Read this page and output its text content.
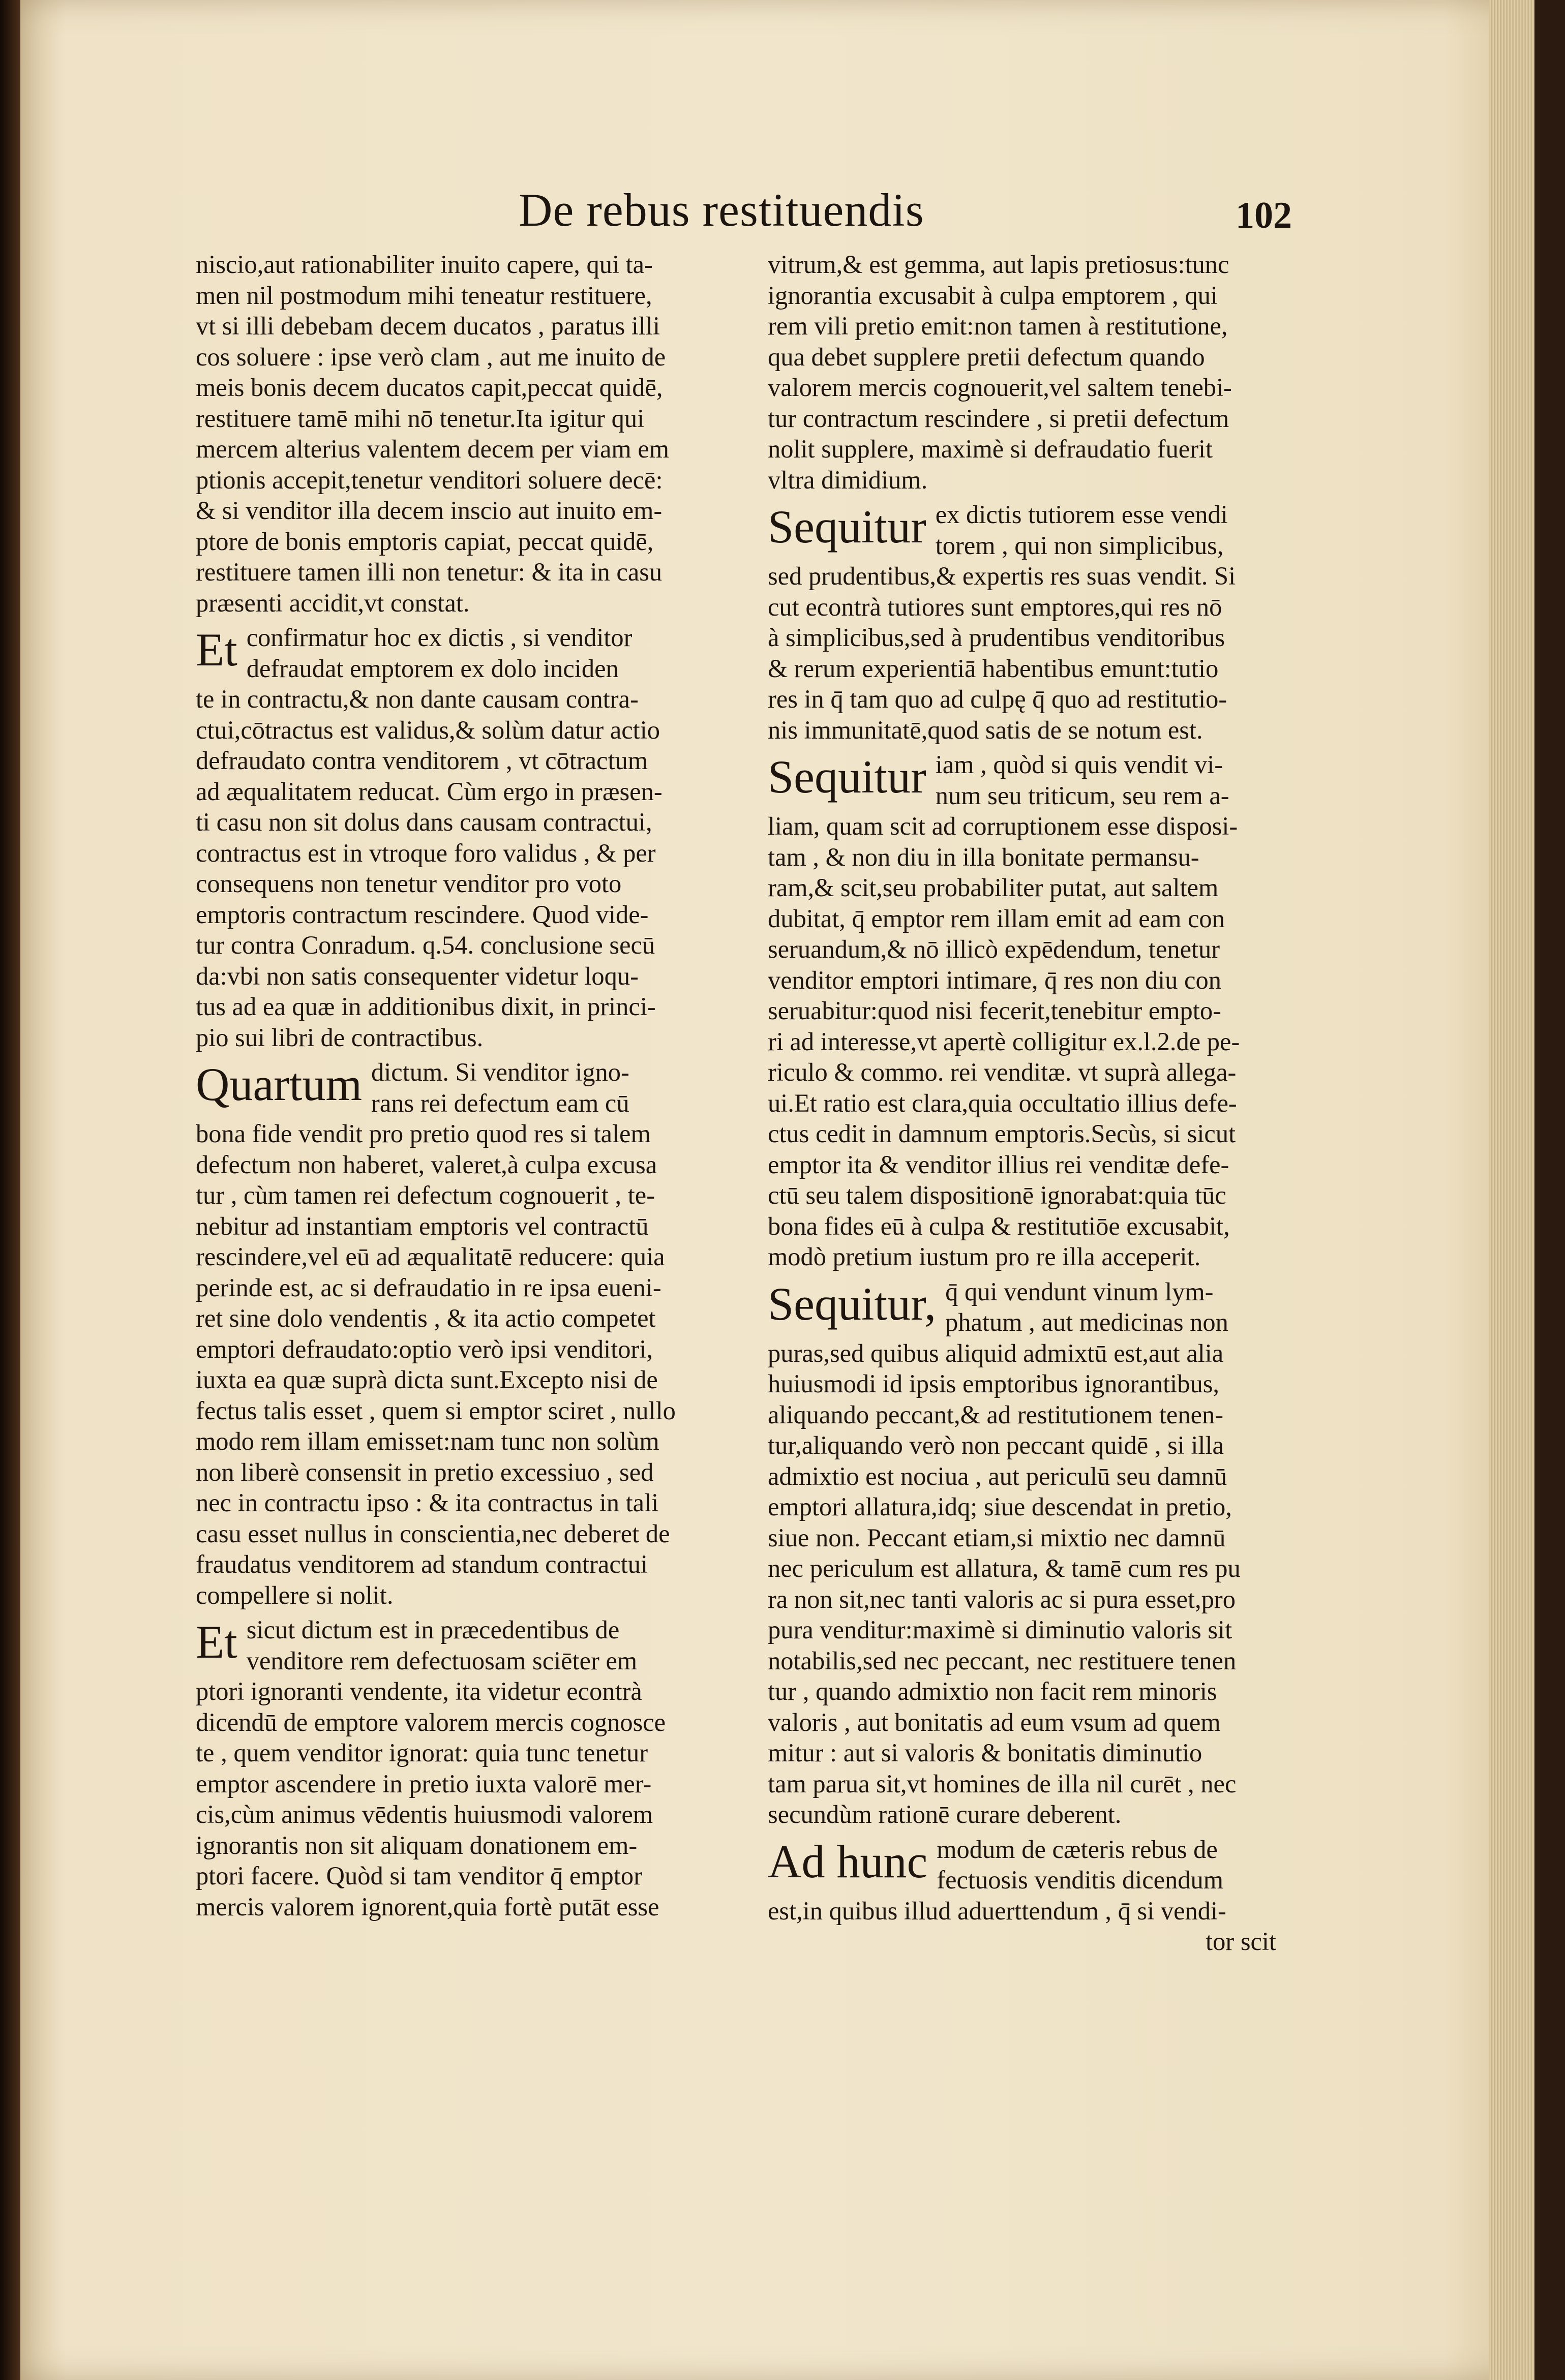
De rebus restituendis	102

niscio,aut rationabiliter inuito capere, qui ta-
men nil postmodum mihi teneatur restituere,
vt si illi debebam decem ducatos , paratus illi
cos soluere : ipse verò clam , aut me inuito de
meis bonis decem ducatos capit,peccat quidē,
restituere tamē mihi nō tenetur.Ita igitur qui
mercem alterius valentem decem per viam em
ptionis accepit,tenetur venditori soluere decē:
& si venditor illa decem inscio aut inuito em-
ptore de bonis emptoris capiat, peccat quidē,
restituere tamen illi non tenetur: & ita in casu
præsenti accidit,vt constat.

Et confirmatur hoc ex dictis , si venditor
defraudat emptorem ex dolo inciden
te in contractu,& non dante causam contra-
ctui,cōtractus est validus,& solùm datur actio
defraudato contra venditorem , vt cōtractum
ad æqualitatem reducat. Cùm ergo in præsen-
ti casu non sit dolus dans causam contractui,
contractus est in vtroque foro validus , & per
consequens non tenetur venditor pro voto
emptoris contractum rescindere. Quod vide-
tur contra Conradum. q.54. conclusione secū
da:vbi non satis consequenter videtur loqu-
tus ad ea quæ in additionibus dixit, in princi-
pio sui libri de contractibus.

Quartum dictum. Si venditor igno-
rans rei defectum eam cū
bona fide vendit pro pretio quod res si talem
defectum non haberet, valeret,à culpa excusa
tur , cùm tamen rei defectum cognouerit , te-
nebitur ad instantiam emptoris vel contractū
rescindere,vel eū ad æqualitatē reducere: quia
perinde est, ac si defraudatio in re ipsa eueni-
ret sine dolo vendentis , & ita actio competet
emptori defraudato:optio verò ipsi venditori,
iuxta ea quæ suprà dicta sunt.Excepto nisi de
fectus talis esset , quem si emptor sciret , nullo
modo rem illam emisset:nam tunc non solùm
non liberè consensit in pretio excessiuo , sed
nec in contractu ipso : & ita contractus in tali
casu esset nullus in conscientia,nec deberet de
fraudatus venditorem ad standum contractui
compellere si nolit.

Et sicut dictum est in præcedentibus de
venditore rem defectuosam sciēter em
ptori ignoranti vendente, ita videtur econtrà
dicendū de emptore valorem mercis cognosce
te , quem venditor ignorat: quia tunc tenetur
emptor ascendere in pretio iuxta valorē mer-
cis,cùm animus vēdentis huiusmodi valorem
ignorantis non sit aliquam donationem em-
ptori facere. Quòd si tam venditor q̄ emptor
mercis valorem ignorent,quia fortè putāt esse

vitrum,& est gemma, aut lapis pretiosus:tunc
ignorantia excusabit à culpa emptorem , qui
rem vili pretio emit:non tamen à restitutione,
qua debet supplere pretii defectum quando
valorem mercis cognouerit,vel saltem tenebi-
tur contractum rescindere , si pretii defectum
nolit supplere, maximè si defraudatio fuerit
vltra dimidium.

Sequitur ex dictis tutiorem esse vendi
torem , qui non simplicibus,
sed prudentibus,& expertis res suas vendit. Si
cut econtrà tutiores sunt emptores,qui res nō
à simplicibus,sed à prudentibus venditoribus
& rerum experientiā habentibus emunt:tutio
res in q̄ tam quo ad culpę q̄ quo ad restitutio-
nis immunitatē,quod satis de se notum est.

Sequitur iam , quòd si quis vendit vi-
num seu triticum, seu rem a-
liam, quam scit ad corruptionem esse disposi-
tam , & non diu in illa bonitate permansu-
ram,& scit,seu probabiliter putat, aut saltem
dubitat, q̄ emptor rem illam emit ad eam con
seruandum,& nō illicò expēdendum, tenetur
venditor emptori intimare, q̄ res non diu con
seruabitur:quod nisi fecerit,tenebitur empto-
ri ad interesse,vt apertè colligitur ex.l.2.de pe-
riculo & commo. rei venditæ. vt suprà allega-
ui.Et ratio est clara,quia occultatio illius defe-
ctus cedit in damnum emptoris.Secùs, si sicut
emptor ita & venditor illius rei venditæ defe-
ctū seu talem dispositionē ignorabat:quia tūc
bona fides eū à culpa & restitutiōe excusabit,
modò pretium iustum pro re illa acceperit.

Sequitur, q̄ qui vendunt vinum lym-
phatum , aut medicinas non
puras,sed quibus aliquid admixtū est,aut alia
huiusmodi id ipsis emptoribus ignorantibus,
aliquando peccant,& ad restitutionem tenen-
tur,aliquando verò non peccant quidē , si illa
admixtio est nociua , aut periculū seu damnū
emptori allatura,idq; siue descendat in pretio,
siue non. Peccant etiam,si mixtio nec damnū
nec periculum est allatura, & tamē cum res pu
ra non sit,nec tanti valoris ac si pura esset,pro
pura venditur:maximè si diminutio valoris sit
notabilis,sed nec peccant, nec restituere tenen
tur , quando admixtio non facit rem minoris
valoris , aut bonitatis ad eum vsum ad quem
mitur : aut si valoris & bonitatis diminutio
tam parua sit,vt homines de illa nil curēt , nec
secundùm rationē curare deberent.

Ad hunc modum de cæteris rebus de
fectuosis venditis dicendum
est,in quibus illud aduerttendum , q̄ si vendi-

tor scit
